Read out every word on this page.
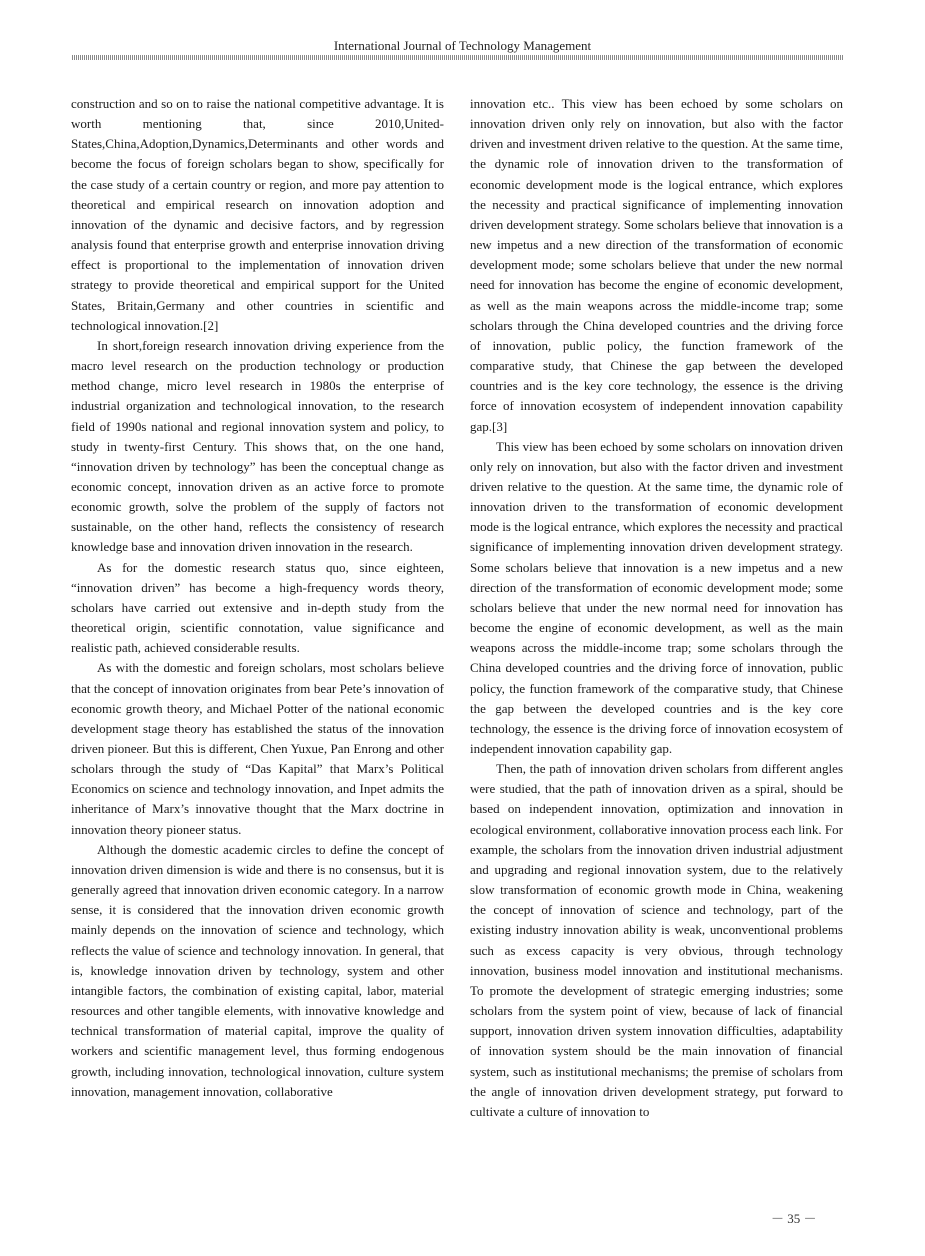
International Journal of Technology Management

construction and so on to raise the national competitive advantage. It is worth mentioning that, since 2010,United-States,China,Adoption,Dynamics,Determinants and other words and become the focus of foreign scholars began to show, specifically for the case study of a certain country or region, and more pay attention to theoretical and empirical research on innovation adoption and innovation of the dynamic and decisive factors, and by regression analysis found that enterprise growth and enterprise innovation driving effect is proportional to the implementation of innovation driven strategy to provide theoretical and empirical support for the United States, Britain,Germany and other countries in scientific and technological innovation.[2]

In short,foreign research innovation driving experience from the macro level research on the production technology or production method change, micro level research in 1980s the enterprise of industrial organization and technological innovation, to the research field of 1990s national and regional innovation system and policy, to study in twenty-first Century. This shows that, on the one hand, “innovation driven by technology” has been the conceptual change as economic concept, innovation driven as an active force to promote economic growth, solve the problem of the supply of factors not sustainable, on the other hand, reflects the consistency of research knowledge base and innovation driven innovation in the research.

As for the domestic research status quo, since eighteen, “innovation driven” has become a high-frequency words theory, scholars have carried out extensive and in-depth study from the theoretical origin, scientific connotation, value significance and realistic path, achieved considerable results.

As with the domestic and foreign scholars, most scholars believe that the concept of innovation originates from bear Pete’s innovation of economic growth theory, and Michael Potter of the national economic development stage theory has established the status of the innovation driven pioneer. But this is different, Chen Yuxue, Pan Enrong and other scholars through the study of “Das Kapital” that Marx’s Political Economics on science and technology innovation, and Inpet admits the inheritance of Marx’s innovative thought that the Marx doctrine in innovation theory pioneer status.

Although the domestic academic circles to define the concept of innovation driven dimension is wide and there is no consensus, but it is generally agreed that innovation driven economic category. In a narrow sense, it is considered that the innovation driven economic growth mainly depends on the innovation of science and technology, which reflects the value of science and technology innovation. In general, that is, knowledge innovation driven by technology, system and other intangible factors, the combination of existing capital, labor, material resources and other tangible elements, with innovative knowledge and technical transformation of material capital, improve the quality of workers and scientific management level, thus forming endogenous growth, including innovation, technological innovation, culture system innovation, management innovation, collaborative

innovation etc.. This view has been echoed by some scholars on innovation driven only rely on innovation, but also with the factor driven and investment driven relative to the question. At the same time, the dynamic role of innovation driven to the transformation of economic development mode is the logical entrance, which explores the necessity and practical significance of implementing innovation driven development strategy. Some scholars believe that innovation is a new impetus and a new direction of the transformation of economic development mode; some scholars believe that under the new normal need for innovation has become the engine of economic development, as well as the main weapons across the middle-income trap; some scholars through the China developed countries and the driving force of innovation, public policy, the function framework of the comparative study, that Chinese the gap between the developed countries and is the key core technology, the essence is the driving force of innovation ecosystem of independent innovation capability gap.[3]

This view has been echoed by some scholars on innovation driven only rely on innovation, but also with the factor driven and investment driven relative to the question. At the same time, the dynamic role of innovation driven to the transformation of economic development mode is the logical entrance, which explores the necessity and practical significance of implementing innovation driven development strategy. Some scholars believe that innovation is a new impetus and a new direction of the transformation of economic development mode; some scholars believe that under the new normal need for innovation has become the engine of economic development, as well as the main weapons across the middle-income trap; some scholars through the China developed countries and the driving force of innovation, public policy, the function framework of the comparative study, that Chinese the gap between the developed countries and is the key core technology, the essence is the driving force of innovation ecosystem of independent innovation capability gap.

Then, the path of innovation driven scholars from different angles were studied, that the path of innovation driven as a spiral, should be based on independent innovation, optimization and innovation in ecological environment, collaborative innovation process each link. For example, the scholars from the innovation driven industrial adjustment and upgrading and regional innovation system, due to the relatively slow transformation of economic growth mode in China, weakening the concept of innovation of science and technology, part of the existing industry innovation ability is weak, unconventional problems such as excess capacity is very obvious, through technology innovation, business model innovation and institutional mechanisms. To promote the development of strategic emerging industries; some scholars from the system point of view, because of lack of financial support, innovation driven system innovation difficulties, adaptability of innovation system should be the main innovation of financial system, such as institutional mechanisms; the premise of scholars from the angle of innovation driven development strategy, put forward to cultivate a culture of innovation to

－ 35 －
